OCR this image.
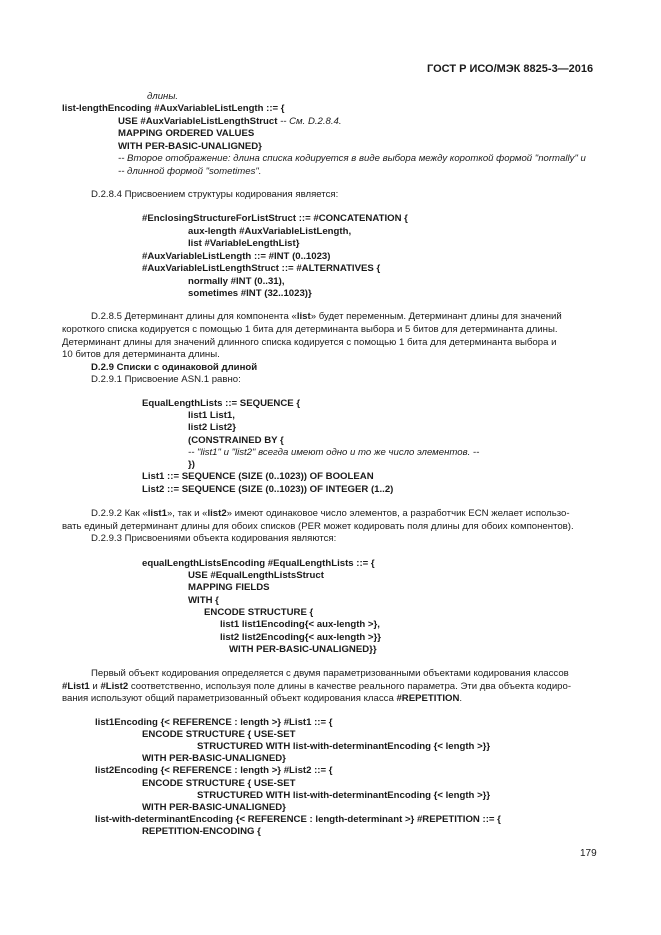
ГОСТ Р ИСО/МЭК 8825-3—2016
длины.
list-lengthEncoding #AuxVariableListLength ::= {
USE #AuxVariableListLengthStruct -- См. D.2.8.4.
MAPPING ORDERED VALUES
WITH PER-BASIC-UNALIGNED}
-- Второе отображение: длина списка кодируется в виде выбора между короткой формой "normally" и
-- длинной формой "sometimes".
D.2.8.4 Присвоением структуры кодирования является:
#EnclosingStructureForListStruct ::= #CONCATENATION {
aux-length #AuxVariableListLength,
list #VariableLengthList}
#AuxVariableListLength ::= #INT (0..1023)
#AuxVariableListLengthStruct ::= #ALTERNATIVES {
normally #INT (0..31),
sometimes #INT (32..1023)}
D.2.8.5 Детерминант длины для компонента «list» будет переменным. Детерминант длины для значений
короткого списка кодируется с помощью 1 бита для детерминанта выбора и 5 битов для детерминанта длины.
Детерминант длины для значений длинного списка кодируется с помощью 1 бита для детерминанта выбора и
10 битов для детерминанта длины.
D.2.9 Списки с одинаковой длиной
D.2.9.1 Присвоение ASN.1 равно:
EqualLengthLists ::= SEQUENCE {
list1 List1,
list2 List2}
(CONSTRAINED BY {
-- "list1" и "list2" всегда имеют одно и то же число элементов. --
})
List1 ::= SEQUENCE (SIZE (0..1023)) OF BOOLEAN
List2 ::= SEQUENCE (SIZE (0..1023)) OF INTEGER (1..2)
D.2.9.2 Как «list1», так и «list2» имеют одинаковое число элементов, а разработчик ECN желает использо-
вать единый детерминант длины для обоих списков (PER может кодировать поля длины для обоих компонентов).
D.2.9.3 Присвоениями объекта кодирования являются:
equalLengthListsEncoding #EqualLengthLists ::= {
USE #EqualLengthListsStruct
MAPPING FIELDS
WITH {
ENCODE STRUCTURE {
list1 list1Encoding{< aux-length >},
list2 list2Encoding{< aux-length >}}
WITH PER-BASIC-UNALIGNED}}
Первый объект кодирования определяется с двумя параметризованными объектами кодирования классов
#List1 и #List2 соответственно, используя поле длины в качестве реального параметра. Эти два объекта кодиро-
вания используют общий параметризованный объект кодирования класса #REPETITION.
list1Encoding {< REFERENCE : length >} #List1 ::= {
ENCODE STRUCTURE { USE-SET
STRUCTURED WITH list-with-determinantEncoding {< length >}}
WITH PER-BASIC-UNALIGNED}
list2Encoding {< REFERENCE : length >} #List2 ::= {
ENCODE STRUCTURE { USE-SET
STRUCTURED WITH list-with-determinantEncoding {< length >}}
WITH PER-BASIC-UNALIGNED}
list-with-determinantEncoding {< REFERENCE : length-determinant >} #REPETITION ::= {
REPETITION-ENCODING {
179
